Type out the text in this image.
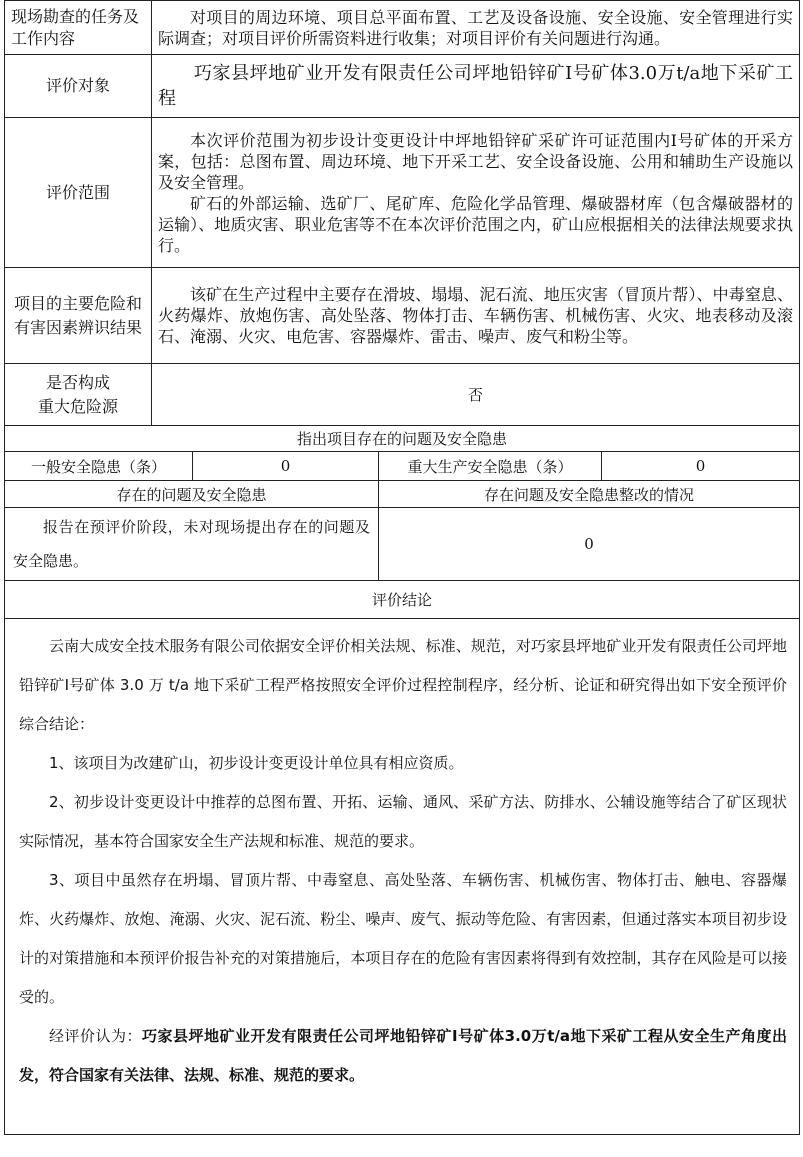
现场勘查的任务及工作内容	对项目的周边环境、项目总平面布置、工艺及设备设施、安全设施、安全管理进行实际调查；对项目评价所需资料进行收集；对项目评价有关问题进行沟通。
评价对象	巧家县坪地矿业开发有限责任公司坪地铅锌矿Ⅰ号矿体3.0万t/a地下采矿工程
评价范围	本次评价范围为初步设计变更设计中坪地铅锌矿采矿许可证范围内Ⅰ号矿体的开采方案，包括：总图布置、周边环境、地下开采工艺、安全设备设施、公用和辅助生产设施以及安全管理。
矿石的外部运输、选矿厂、尾矿库、危险化学品管理、爆破器材库（包含爆破器材的运输）、地质灾害、职业危害等不在本次评价范围之内，矿山应根据相关的法律法规要求执行。

项目的主要危险和有害因素辨识结果	该矿在生产过程中主要存在滑坡、塌塌、泥石流、地压灾害（冒顶片帮）、中毒窒息、火药爆炸、放炮伤害、高处坠落、物体打击、车辆伤害、机械伤害、火灾、地表移动及滚石、淹溺、火灾、电危害、容器爆炸、雷击、噪声、废气和粉尘等。

是否构成
重大危险源	否
指出项目存在的问题及安全隐患			
一般安全隐患（条）	0	重大生产安全隐患（条）	0
存在的问题及安全隐患		存在问题及安全隐患整改的情况	
报告在预评价阶段，未对现场提出存在的问题及安全隐患。		0	
评价结论			

云南大成安全技术服务有限公司依据安全评价相关法规、标准、规范，对巧家县坪地矿业开发有限责任公司坪地铅锌矿Ⅰ号矿体 3.0 万 t/a 地下采矿工程严格按照安全评价过程控制程序，经分析、论证和研究得出如下安全预评价综合结论：

1、该项目为改建矿山，初步设计变更设计单位具有相应资质。

2、初步设计变更设计中推荐的总图布置、开拓、运输、通风、采矿方法、防排水、公辅设施等结合了矿区现状实际情况，基本符合国家安全生产法规和标准、规范的要求。

3、项目中虽然存在坍塌、冒顶片帮、中毒窒息、高处坠落、车辆伤害、机械伤害、物体打击、触电、容器爆炸、火药爆炸、放炮、淹溺、火灾、泥石流、粉尘、噪声、废气、振动等危险、有害因素，但通过落实本项目初步设计的对策措施和本预评价报告补充的对策措施后，本项目存在的危险有害因素将得到有效控制，其存在风险是可以接受的。

经评价认为：巧家县坪地矿业开发有限责任公司坪地铅锌矿Ⅰ号矿体3.0万t/a地下采矿工程从安全生产角度出发，符合国家有关法律、法规、标准、规范的要求。			
